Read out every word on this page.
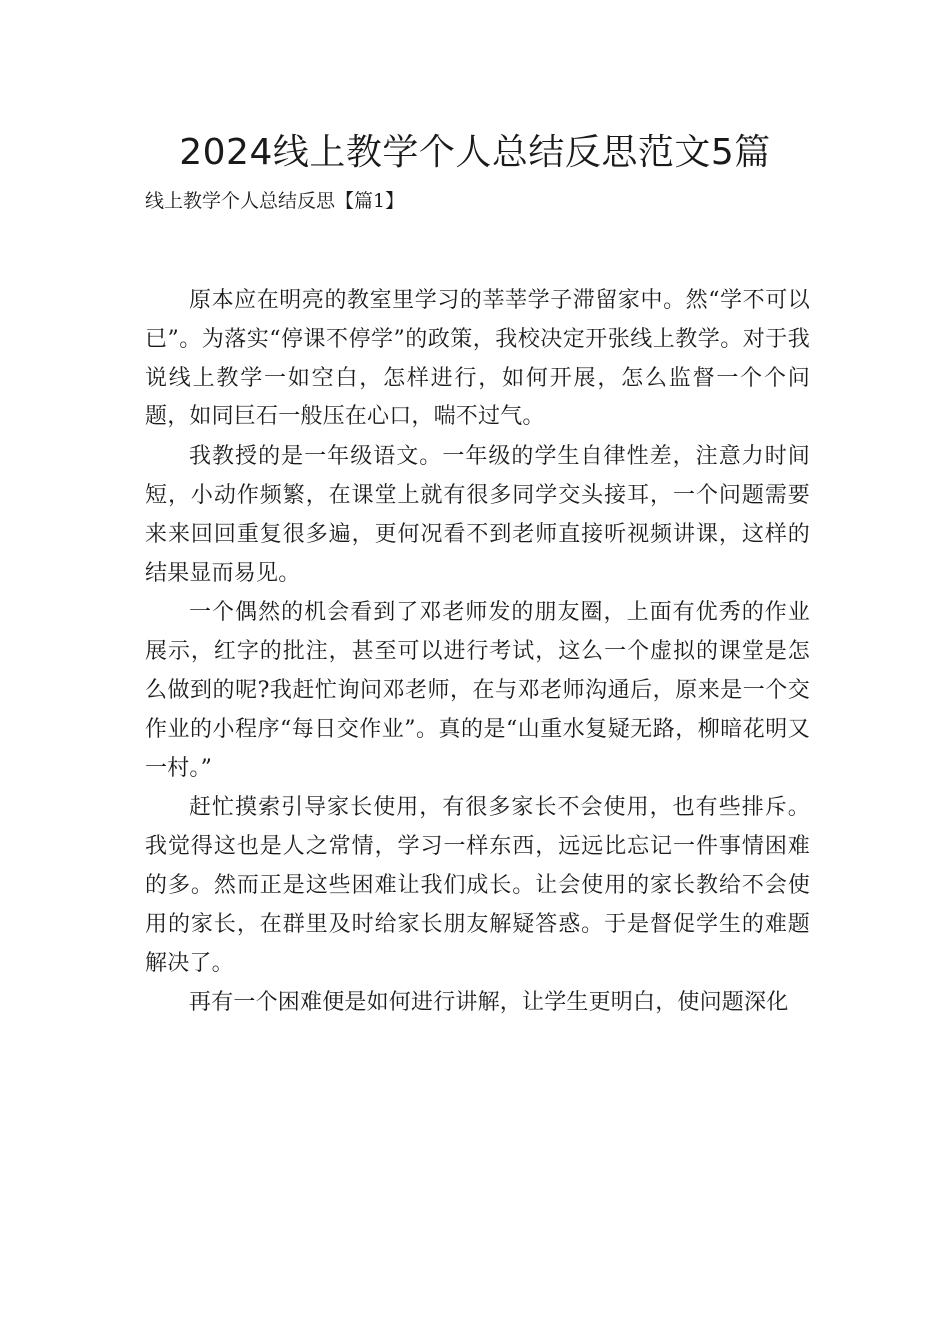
2024线上教学个人总结反思范文5篇
线上教学个人总结反思【篇1】

原本应在明亮的教室里学习的莘莘学子滞留家中。然“学不可以已”。为落实“停课不停学”的政策，我校决定开张线上教学。对于我说线上教学一如空白，怎样进行，如何开展，怎么监督一个个问题，如同巨石一般压在心口，喘不过气。

我教授的是一年级语文。一年级的学生自律性差，注意力时间短，小动作频繁，在课堂上就有很多同学交头接耳，一个问题需要来来回回重复很多遍，更何况看不到老师直接听视频讲课，这样的结果显而易见。

一个偶然的机会看到了邓老师发的朋友圈，上面有优秀的作业展示，红字的批注，甚至可以进行考试，这么一个虚拟的课堂是怎么做到的呢?我赶忙询问邓老师，在与邓老师沟通后，原来是一个交作业的小程序“每日交作业”。真的是“山重水复疑无路，柳暗花明又一村。”

赶忙摸索引导家长使用，有很多家长不会使用，也有些排斥。我觉得这也是人之常情，学习一样东西，远远比忘记一件事情困难的多。然而正是这些困难让我们成长。让会使用的家长教给不会使用的家长，在群里及时给家长朋友解疑答惑。于是督促学生的难题解决了。

再有一个困难便是如何进行讲解，让学生更明白，使问题深化
